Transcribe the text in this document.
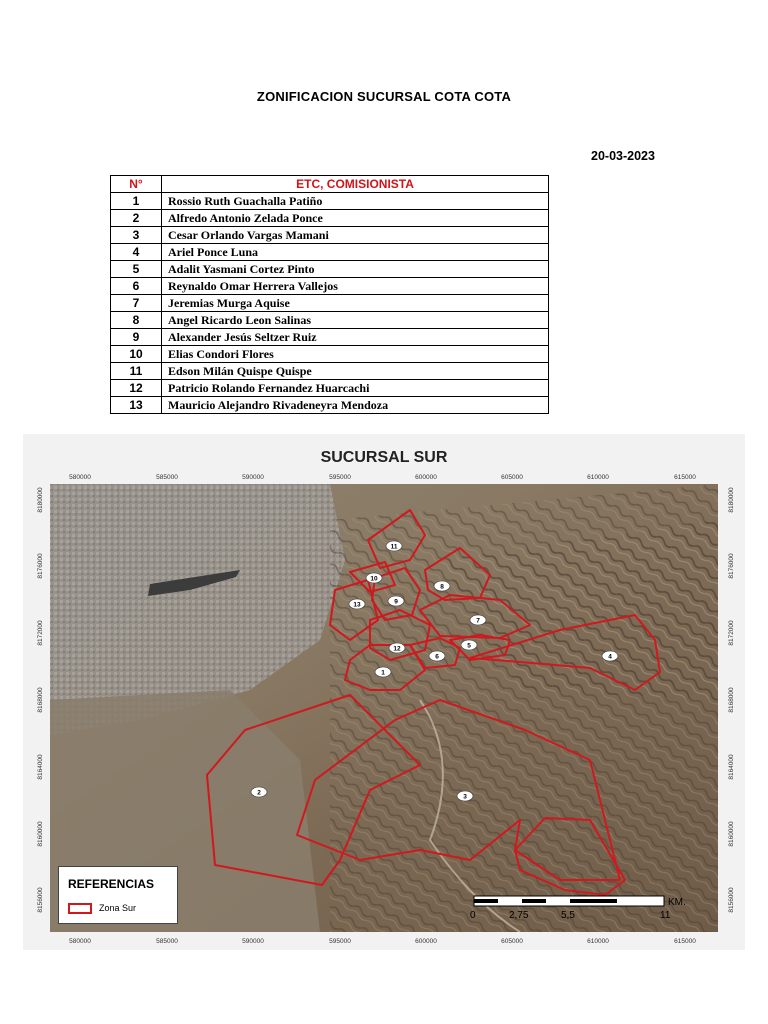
ZONIFICACION SUCURSAL COTA COTA
20-03-2023
N°	ETC, COMISIONISTA
1	Rossio Ruth Guachalla Patiño
2	Alfredo Antonio Zelada Ponce
3	Cesar Orlando Vargas Mamani
4	Ariel Ponce Luna
5	Adalit Yasmani Cortez Pinto
6	Reynaldo Omar Herrera Vallejos
7	Jeremias Murga Aquise
8	Angel Ricardo Leon Salinas
9	Alexander Jesús Seltzer Ruiz
10	Elias Condori Flores
11	Edson Milán Quispe Quispe
12	Patricio Rolando Fernandez Huarcachi
13	Mauricio Alejandro Rivadeneyra Mendoza
1
2
3
4
5
6
7
8
9
10
11
12
13
580000	585000	590000	595000	600000	605000	610000	615000
580000	585000	590000	595000	600000	605000	610000	615000
8180000
8176000
8172000
8168000
8164000
8160000
8156000
8180000
8176000
8172000
8168000
8164000
8160000
8156000
0	2,75	5,5	11
KM.
SUCURSAL SUR
REFERENCIAS
Zona Sur
